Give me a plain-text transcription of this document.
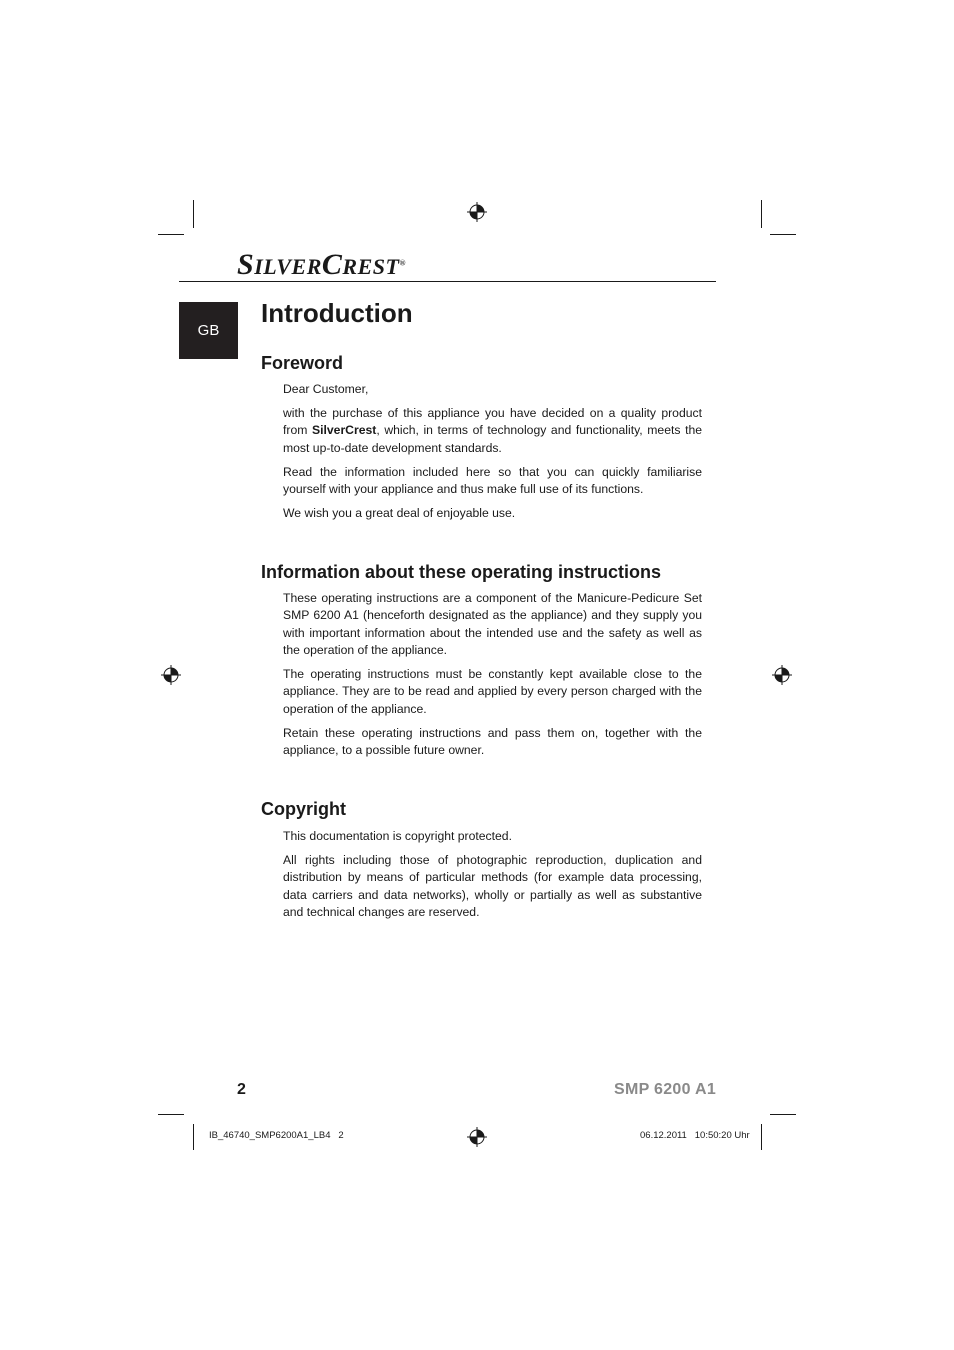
SILVERCREST®
GB
Introduction
Foreword

Dear Customer,

with the purchase of this appliance you have decided on a quality product from SilverCrest, which, in terms of technology and functionality, meets the most up-to-date development standards.

Read the information included here so that you can quickly familiarise yourself with your appliance and thus make full use of its functions.

We wish you a great deal of enjoyable use.

Information about these operating instructions

These operating instructions are a component of the Manicure-Pedicure Set SMP 6200 A1 (henceforth designated as the appliance) and they supply you with important information about the intended use and the safety as well as the operation of the appliance.

The operating instructions must be constantly kept available close to the appliance. They are to be read and applied by every person charged with the operation of the appliance.

Retain these operating instructions and pass them on, together with the appliance, to a possible future owner.

Copyright

This documentation is copyright protected.

All rights including those of photographic reproduction, duplication and distribution by means of particular methods (for example data processing, data carriers and data networks), wholly or partially as well as substantive and technical changes are reserved.

2	SMP 6200 A1
IB_46740_SMP6200A1_LB4   2	06.12.2011   10:50:20 Uhr
